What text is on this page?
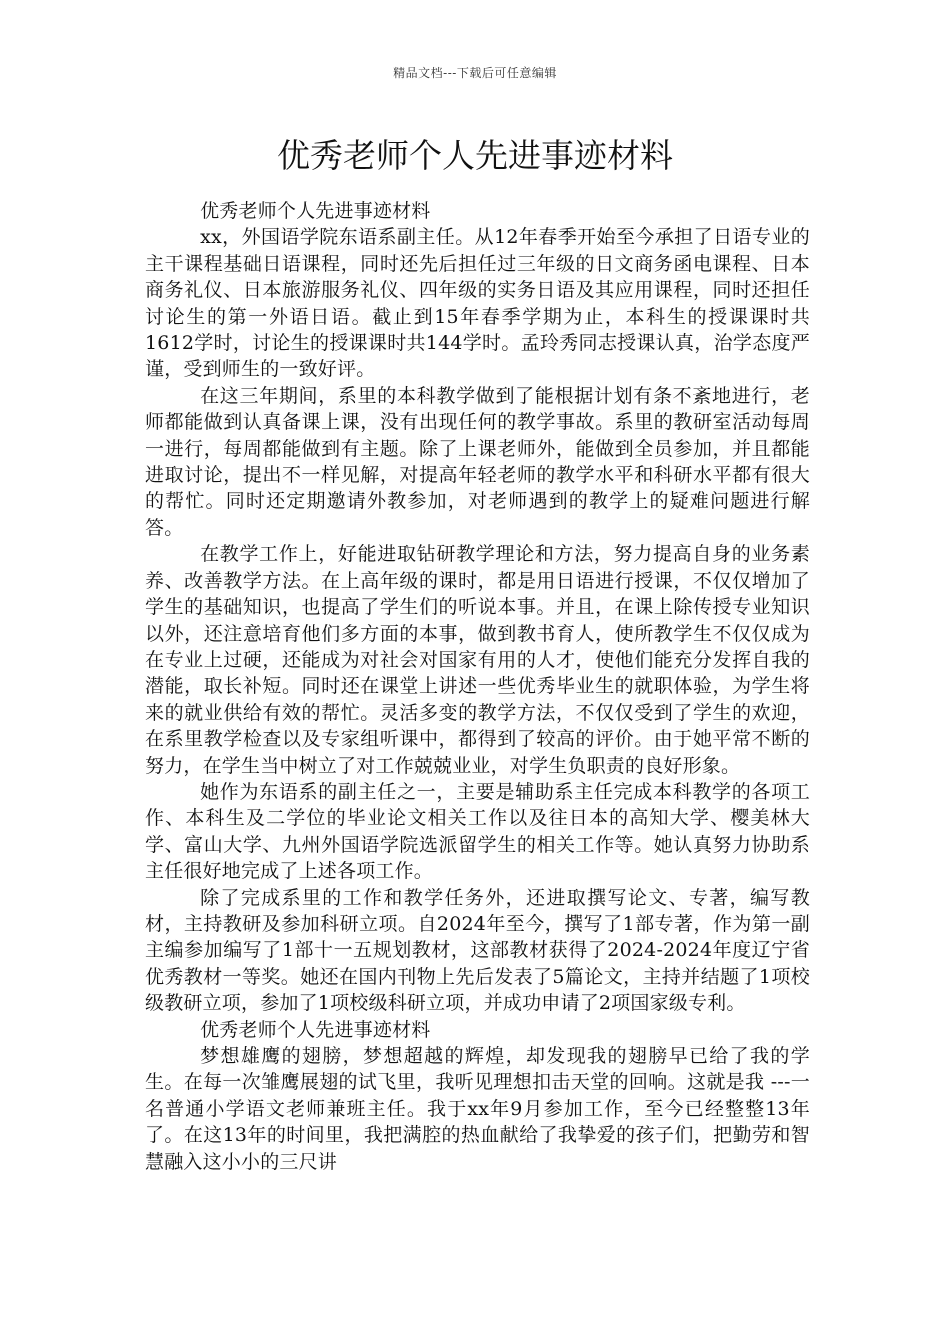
精品文档---下载后可任意编辑
优秀老师个人先进事迹材料

优秀老师个人先进事迹材料

xx，外国语学院东语系副主任。从12年春季开始至今承担了日语专业的主干课程基础日语课程，同时还先后担任过三年级的日文商务函电课程、日本商务礼仪、日本旅游服务礼仪、四年级的实务日语及其应用课程，同时还担任讨论生的第一外语日语。截止到15年春季学期为止，本科生的授课课时共1612学时，讨论生的授课课时共144学时。孟玲秀同志授课认真，治学态度严谨，受到师生的一致好评。

在这三年期间，系里的本科教学做到了能根据计划有条不紊地进行，老师都能做到认真备课上课，没有出现任何的教学事故。系里的教研室活动每周一进行，每周都能做到有主题。除了上课老师外，能做到全员参加，并且都能进取讨论，提出不一样见解，对提高年轻老师的教学水平和科研水平都有很大的帮忙。同时还定期邀请外教参加，对老师遇到的教学上的疑难问题进行解答。

在教学工作上，好能进取钻研教学理论和方法，努力提高自身的业务素养、改善教学方法。在上高年级的课时，都是用日语进行授课，不仅仅增加了学生的基础知识，也提高了学生们的听说本事。并且，在课上除传授专业知识以外，还注意培育他们多方面的本事，做到教书育人，使所教学生不仅仅成为在专业上过硬，还能成为对社会对国家有用的人才，使他们能充分发挥自我的潜能，取长补短。同时还在课堂上讲述一些优秀毕业生的就职体验，为学生将来的就业供给有效的帮忙。灵活多变的教学方法，不仅仅受到了学生的欢迎，在系里教学检查以及专家组听课中，都得到了较高的评价。由于她平常不断的努力，在学生当中树立了对工作兢兢业业，对学生负职责的良好形象。

她作为东语系的副主任之一，主要是辅助系主任完成本科教学的各项工作、本科生及二学位的毕业论文相关工作以及往日本的高知大学、樱美林大学、富山大学、九州外国语学院选派留学生的相关工作等。她认真努力协助系主任很好地完成了上述各项工作。

除了完成系里的工作和教学任务外，还进取撰写论文、专著，编写教材，主持教研及参加科研立项。自2024年至今，撰写了1部专著，作为第一副主编参加编写了1部十一五规划教材，这部教材获得了2024-2024年度辽宁省优秀教材一等奖。她还在国内刊物上先后发表了5篇论文，主持并结题了1项校级教研立项，参加了1项校级科研立项，并成功申请了2项国家级专利。

优秀老师个人先进事迹材料

梦想雄鹰的翅膀，梦想超越的辉煌，却发现我的翅膀早已给了我的学生。在每一次雏鹰展翅的试飞里，我听见理想扣击天堂的回响。这就是我 ---一名普通小学语文老师兼班主任。我于xx年9月参加工作，至今已经整整13年了。在这13年的时间里，我把满腔的热血献给了我挚爱的孩子们，把勤劳和智慧融入这小小的三尺讲
